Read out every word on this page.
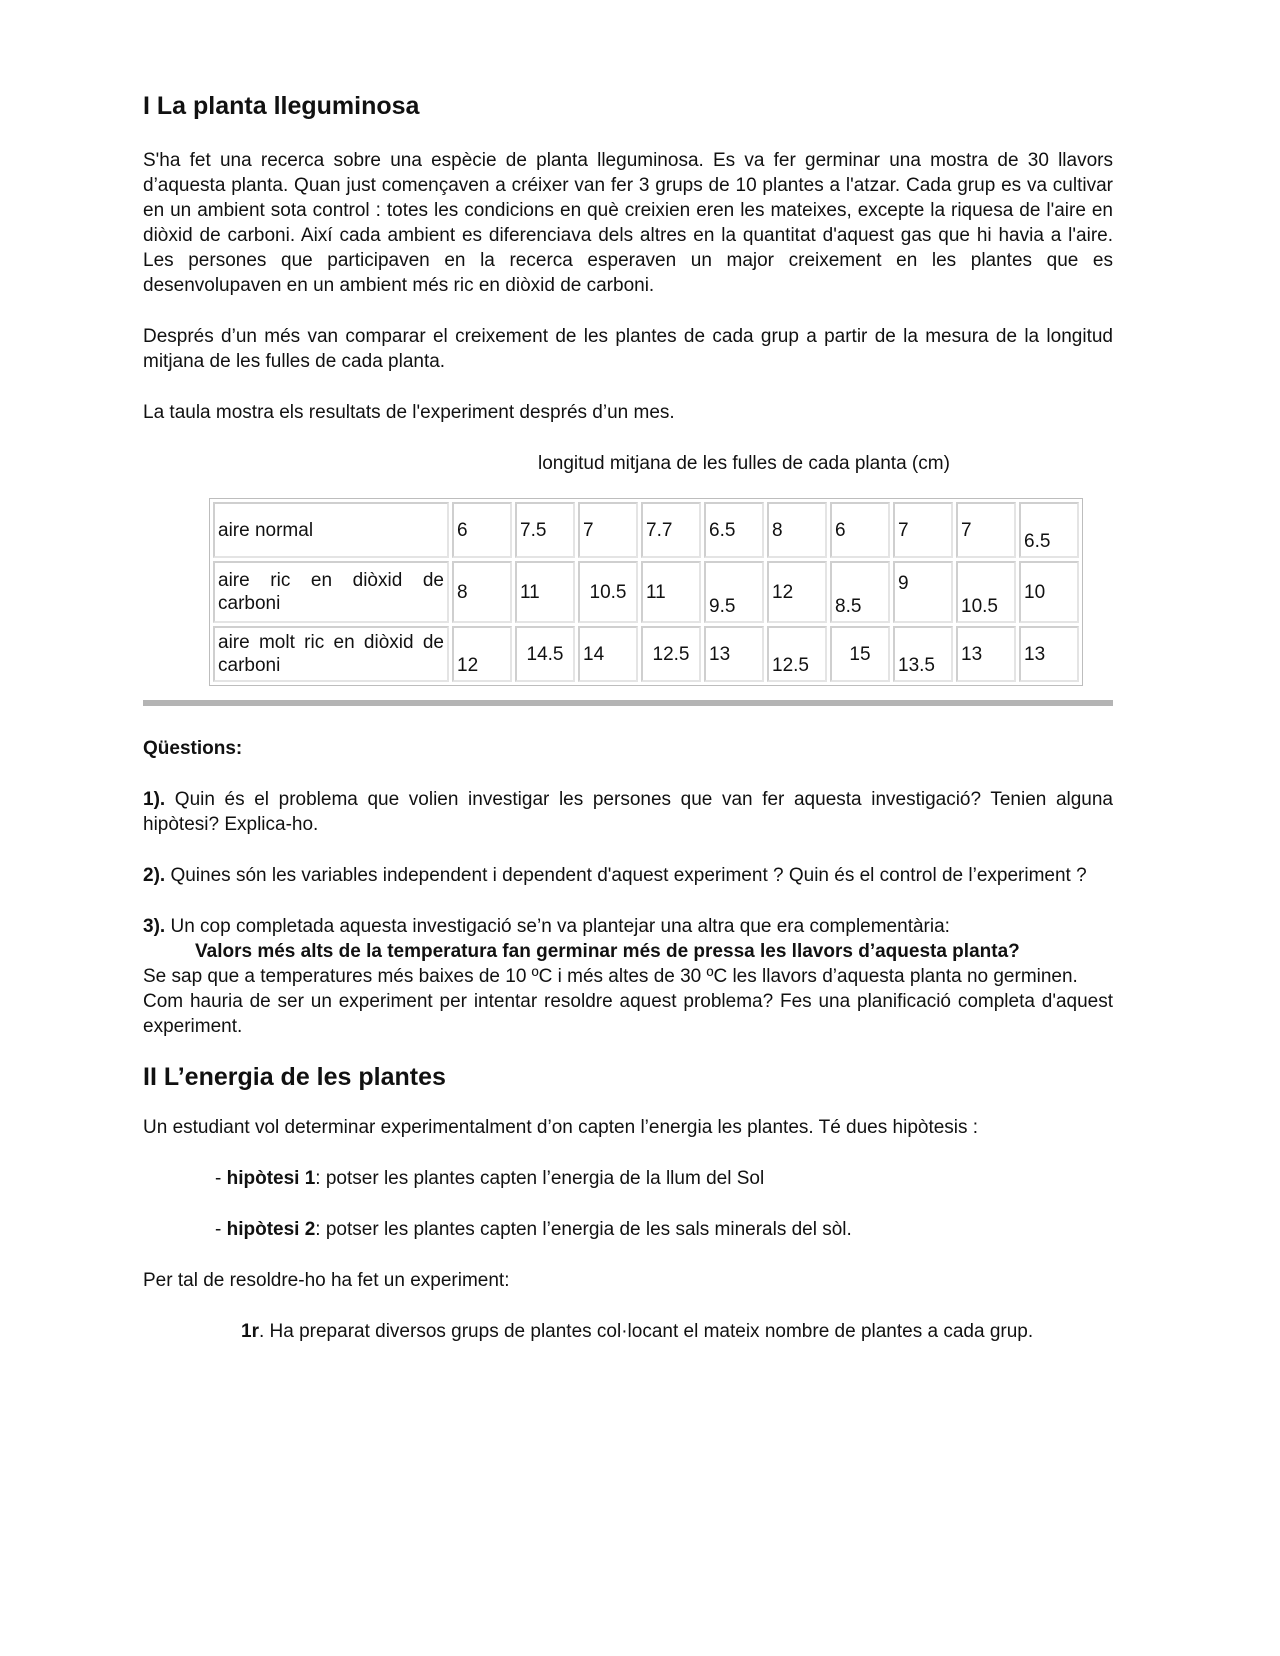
I La planta lleguminosa

S'ha fet una recerca sobre una espècie de planta lleguminosa. Es va fer germinar una mostra de 30 llavors d’aquesta planta. Quan just començaven a créixer van fer 3 grups de 10 plantes a l'atzar. Cada grup es va cultivar en un ambient sota control : totes les condicions en què creixien eren les mateixes, excepte la riquesa de l'aire en diòxid de carboni. Així cada ambient es diferenciava dels altres en la quantitat d'aquest gas que hi havia a l'aire. Les persones que participaven en la recerca esperaven un major creixement en les plantes que es desenvolupaven en un ambient més ric en diòxid de carboni.

Després d’un més van comparar el creixement de les plantes de cada grup a partir de la mesura de la longitud mitjana de les fulles de cada planta.

La taula mostra els resultats de l'experiment després d’un mes.

longitud mitjana de les fulles de cada planta (cm)

aire normal	6	7.5	7	7.7	6.5	8	6	7	7	6.5
aire ric en diòxid de carboni	8	11	10.5	11	9.5	12	8.5	9	10.5	10
aire molt ric en diòxid de carboni	12	14.5	14	12.5	13	12.5	15	13.5	13	13

Qüestions:

1). Quin és el problema que volien investigar les persones que van fer aquesta investigació? Tenien alguna hipòtesi? Explica-ho.

2). Quines són les variables independent i dependent d'aquest experiment ? Quin és el control de l’experiment ?

3). Un cop completada aquesta investigació se’n va plantejar una altra que era complementària:

Valors més alts de la temperatura fan germinar més de pressa les llavors d’aquesta planta?

Se sap que a temperatures més baixes de 10 ºC i més altes de 30 ºC les llavors d’aquesta planta no germinen.

Com hauria de ser un experiment per intentar resoldre aquest problema? Fes una planificació completa d'aquest experiment.

II L’energia de les plantes

Un estudiant vol determinar experimentalment d’on capten l’energia les plantes. Té dues hipòtesis :

- hipòtesi 1: potser les plantes capten l’energia de la llum del Sol

- hipòtesi 2: potser les plantes capten l’energia de les sals minerals del sòl.

Per tal de resoldre-ho ha fet un experiment:

1r. Ha preparat diversos grups de plantes col·locant el mateix nombre de plantes a cada grup.
